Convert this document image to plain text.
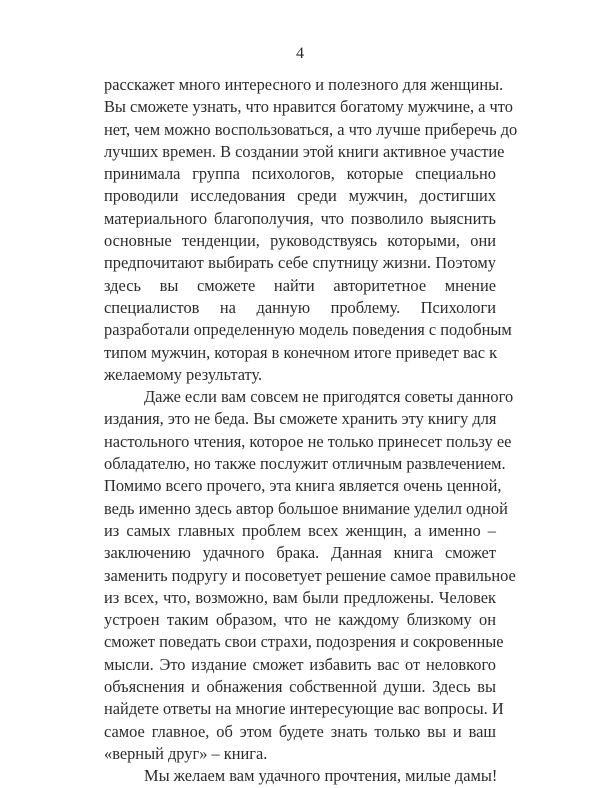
4
расскажет много интересного и полезного для женщины.
Вы сможете узнать, что нравится богатому мужчине, а что
нет, чем можно воспользоваться, а что лучше приберечь до
лучших времен. В создании этой книги активное участие
принимала группа психологов, которые специально
проводили исследования среди мужчин, достигших
материального благополучия, что позволило выяснить
основные тенденции, руководствуясь которыми, они
предпочитают выбирать себе спутницу жизни. Поэтому
здесь вы сможете найти авторитетное мнение
специалистов на данную проблему. Психологи
разработали определенную модель поведения с подобным
типом мужчин, которая в конечном итоге приведет вас к
желаемому результату.
Даже если вам совсем не пригодятся советы данного
издания, это не беда. Вы сможете хранить эту книгу для
настольного чтения, которое не только принесет пользу ее
обладателю, но также послужит отличным развлечением.
Помимо всего прочего, эта книга является очень ценной,
ведь именно здесь автор большое внимание уделил одной
из самых главных проблем всех женщин, а именно –
заключению удачного брака. Данная книга сможет
заменить подругу и посоветует решение самое правильное
из всех, что, возможно, вам были предложены. Человек
устроен таким образом, что не каждому близкому он
сможет поведать свои страхи, подозрения и сокровенные
мысли. Это издание сможет избавить вас от неловкого
объяснения и обнажения собственной души. Здесь вы
найдете ответы на многие интересующие вас вопросы. И
самое главное, об этом будете знать только вы и ваш
«верный друг» – книга.
Мы желаем вам удачного прочтения, милые дамы!
